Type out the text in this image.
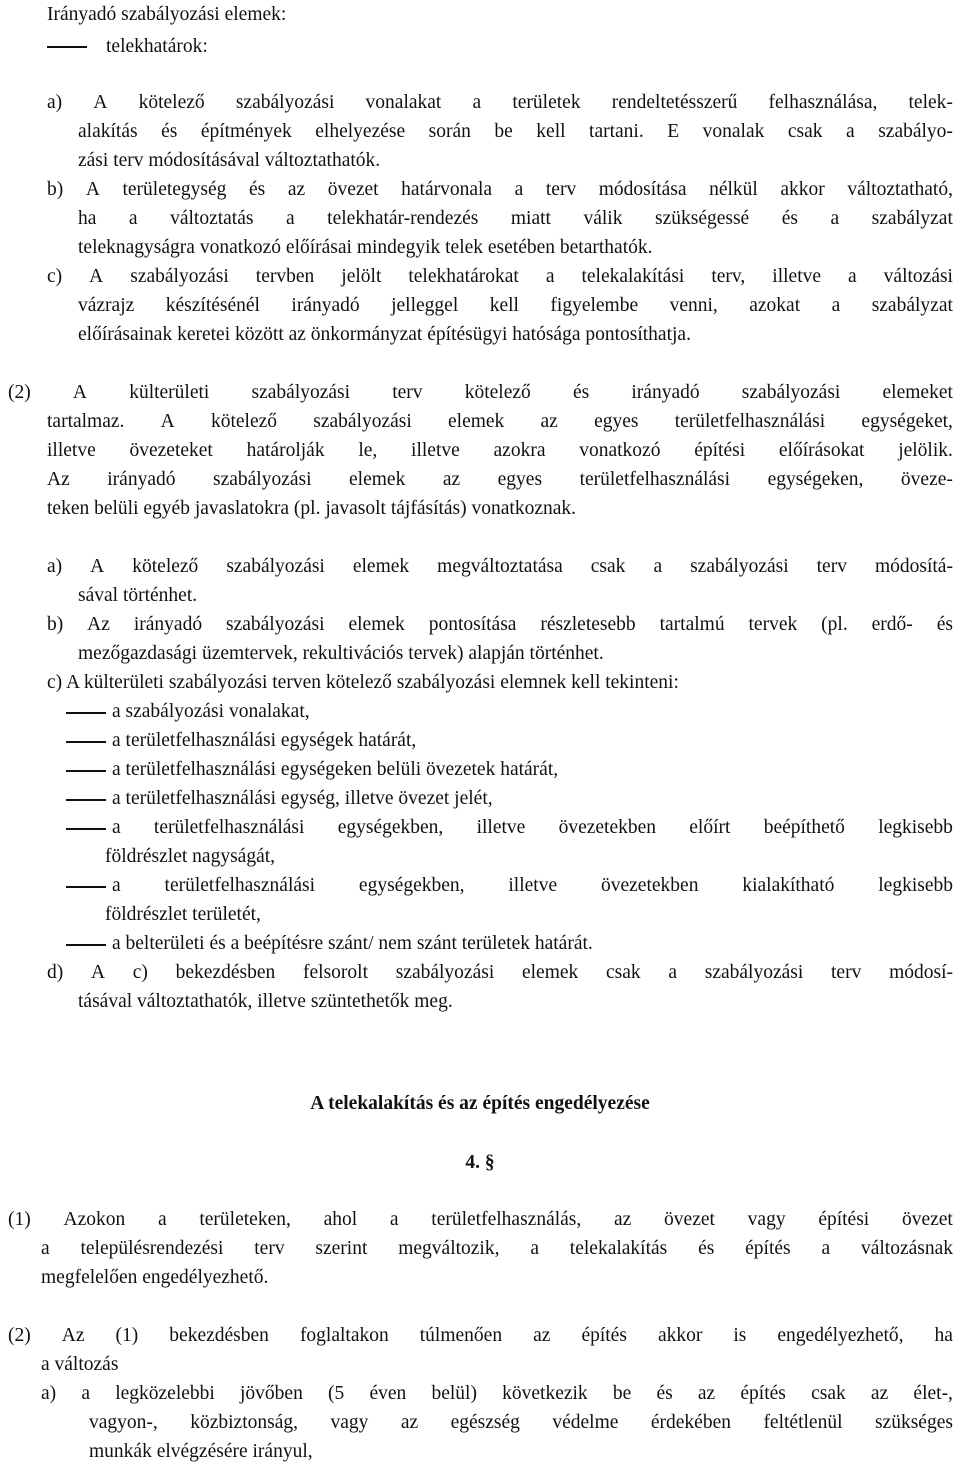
Irányadó szabályozási elemek:
telekhatárok:
a) A kötelező szabályozási vonalakat a területek rendeltetésszerű felhasználása, telek-
alakítás és építmények elhelyezése során be kell tartani. E vonalak csak a szabályo-
zási terv módosításával változtathatók.
b) A területegység és az övezet határvonala a terv módosítása nélkül akkor változtatható,
ha a változtatás a telekhatár-rendezés miatt válik szükségessé és a szabályzat
teleknagyságra vonatkozó előírásai mindegyik telek esetében betarthatók.
c) A szabályozási tervben jelölt telekhatárokat a telekalakítási terv, illetve a változási
vázrajz készítésénél irányadó jelleggel kell figyelembe venni, azokat a szabályzat
előírásainak keretei között az önkormányzat építésügyi hatósága pontosíthatja.
(2) A külterületi szabályozási terv kötelező és irányadó szabályozási elemeket
tartalmaz. A kötelező szabályozási elemek az egyes területfelhasználási egységeket,
illetve övezeteket határolják le, illetve azokra vonatkozó építési előírásokat jelölik.
Az irányadó szabályozási elemek az egyes területfelhasználási egységeken, öveze-
teken belüli egyéb javaslatokra (pl. javasolt tájfásítás) vonatkoznak.
a) A kötelező szabályozási elemek megváltoztatása csak a szabályozási terv módosítá-
sával történhet.
b) Az irányadó szabályozási elemek pontosítása részletesebb tartalmú tervek (pl. erdő- és
mezőgazdasági üzemtervek, rekultivációs tervek) alapján történhet.
c) A külterületi szabályozási terven kötelező szabályozási elemnek kell tekinteni:
a szabályozási vonalakat,
a területfelhasználási egységek határát,
a területfelhasználási egységeken belüli övezetek határát,
a területfelhasználási egység, illetve övezet jelét,
a területfelhasználási egységekben, illetve övezetekben előírt beépíthető legkisebb
földrészlet nagyságát,
a területfelhasználási egységekben, illetve övezetekben kialakítható legkisebb
földrészlet területét,
a belterületi és a beépítésre szánt/ nem szánt területek határát.
d) A c) bekezdésben felsorolt szabályozási elemek csak a szabályozási terv módosí-
tásával változtathatók, illetve szüntethetők meg.
A telekalakítás és az építés engedélyezése
4. §
(1) Azokon a területeken, ahol a területfelhasználás, az övezet vagy építési övezet
a településrendezési terv szerint megváltozik, a telekalakítás és építés a változásnak
megfelelően engedélyezhető.
(2) Az (1) bekezdésben foglaltakon túlmenően az építés akkor is engedélyezhető, ha
a változás
a) a legközelebbi jövőben (5 éven belül) következik be és az építés csak az élet-,
vagyon-, közbiztonság, vagy az egészség védelme érdekében feltétlenül szükséges
munkák elvégzésére irányul,
